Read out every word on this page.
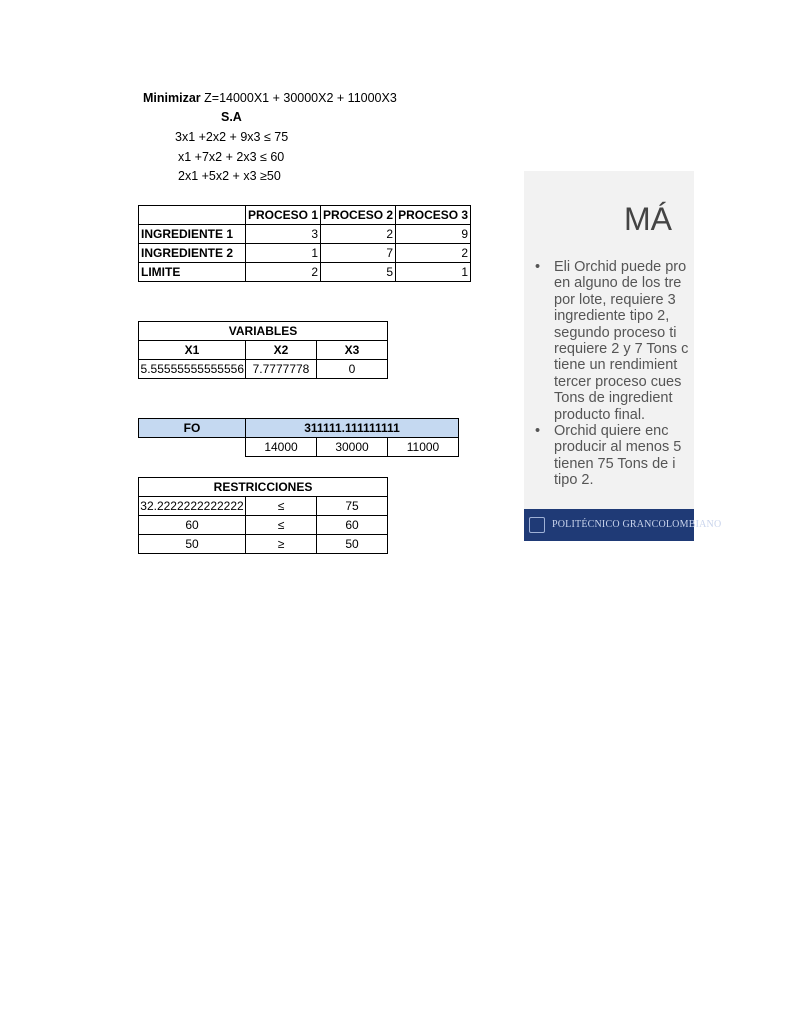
Minimizar Z=14000X1 + 30000X2 + 11000X3
S.A
3x1 +2x2 + 9x3 ≤ 75
x1 +7x2 + 2x3 ≤ 60
2x1 +5x2 + x3 ≥50
	PROCESO 1	PROCESO 2	PROCESO 3
INGREDIENTE 1	3	2	9
INGREDIENTE 2	1	7	2
LIMITE	2	5	1
VARIABLES		
X1	X2	X3
5.55555555555556	7.7777778	0
FO	311111.111111111		
	14000	30000	11000
RESTRICCIONES		
32.2222222222222	≤	75
60	≤	60
50	≥	50
MÁ
• Eli Orchid puede pro
en alguno de los tre
por lote, requiere 3
ingrediente tipo 2,
segundo proceso ti
requiere 2 y 7 Tons c
tiene un rendimient
tercer proceso cues
Tons de ingredient
producto final.
• Orchid quiere enc
producir al menos 5
tienen 75 Tons de i
tipo 2.
POLITÉCNICO GRANCOLOMBIANO
